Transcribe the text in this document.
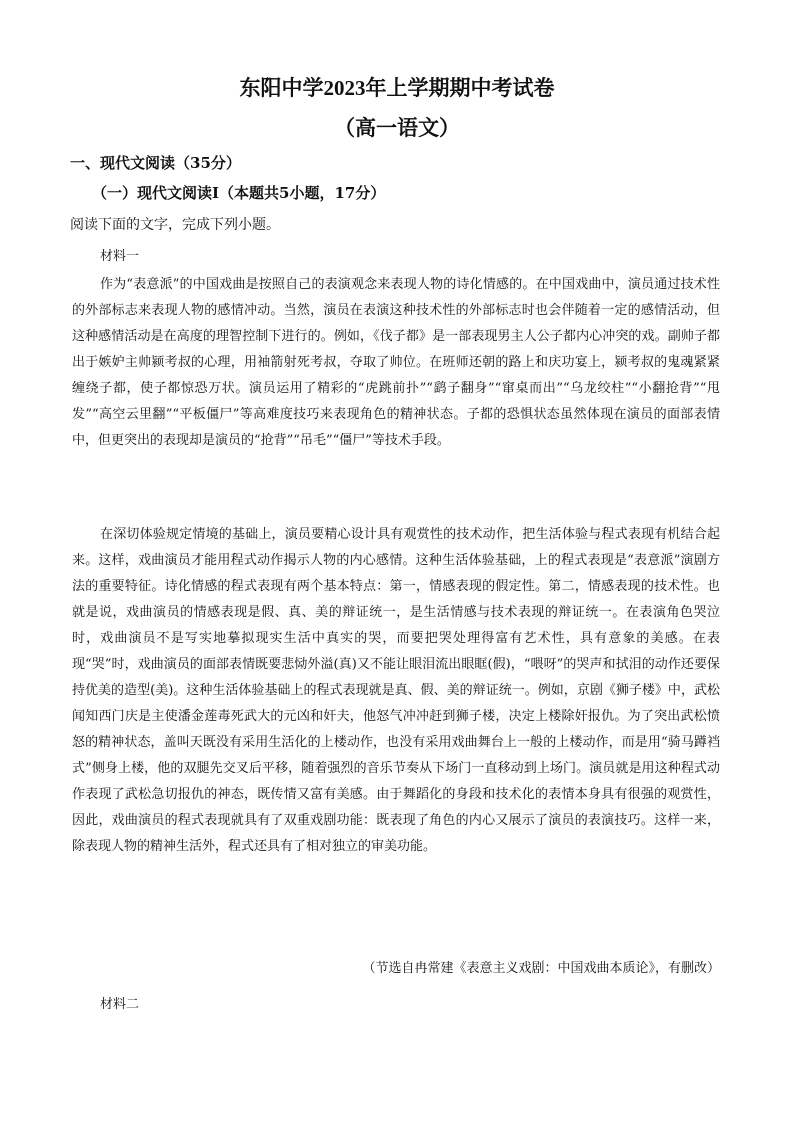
东阳中学2023年上学期期中考试卷
（高一语文）
一、现代文阅读（35分）
（一）现代文阅读Ⅰ（本题共5小题，17分）
阅读下面的文字，完成下列小题。
材料一

作为“表意派”的中国戏曲是按照自己的表演观念来表现人物的诗化情感的。在中国戏曲中，演员通过技术性的外部标志来表现人物的感情冲动。当然，演员在表演这种技术性的外部标志时也会伴随着一定的感情活动，但这种感情活动是在高度的理智控制下进行的。例如，《伐子都》是一部表现男主人公子都内心冲突的戏。副帅子都出于嫉妒主帅颍考叔的心理，用袖箭射死考叔，夺取了帅位。在班师还朝的路上和庆功宴上，颍考叔的鬼魂紧紧缠绕子都，使子都惊恐万状。演员运用了精彩的“虎跳前扑”“鹞子翻身”“窜桌而出”“乌龙绞柱”“小翻抢背”“甩发”“高空云里翻”“平板僵尸”等高难度技巧来表现角色的精神状态。子都的恐惧状态虽然体现在演员的面部表情中，但更突出的表现却是演员的“抢背”“吊毛”“僵尸”等技术手段。

在深切体验规定情境的基础上，演员要精心设计具有观赏性的技术动作，把生活体验与程式表现有机结合起来。这样，戏曲演员才能用程式动作揭示人物的内心感情。这种生活体验基础，上的程式表现是“表意派”演剧方法的重要特征。诗化情感的程式表现有两个基本特点：第一，情感表现的假定性。第二，情感表现的技术性。也就是说，戏曲演员的情感表现是假、真、美的辩证统一，是生活情感与技术表现的辩证统一。在表演角色哭泣时，戏曲演员不是写实地摹拟现实生活中真实的哭，而要把哭处理得富有艺术性，具有意象的美感。在表现“哭”时，戏曲演员的面部表情既要悲恸外溢(真)又不能让眼泪流出眼眶(假)，“喂呀”的哭声和拭泪的动作还要保持优美的造型(美)。这种生活体验基础上的程式表现就是真、假、美的辩证统一。例如，京剧《狮子楼》中，武松闻知西门庆是主使潘金莲毒死武大的元凶和奸夫，他怒气冲冲赶到狮子楼，决定上楼除奸报仇。为了突出武松愤怒的精神状态，盖叫天既没有采用生活化的上楼动作，也没有采用戏曲舞台上一般的上楼动作，而是用“骑马蹲裆式”侧身上楼，他的双腿先交叉后平移，随着强烈的音乐节奏从下场门一直移动到上场门。演员就是用这种程式动作表现了武松急切报仇的神态，既传情又富有美感。由于舞蹈化的身段和技术化的表情本身具有很强的观赏性，因此，戏曲演员的程式表现就具有了双重戏剧功能：既表现了角色的内心又展示了演员的表演技巧。这样一来，除表现人物的精神生活外，程式还具有了相对独立的审美功能。

（节选自冉常建《表意主义戏剧：中国戏曲本质论》，有删改）
材料二
